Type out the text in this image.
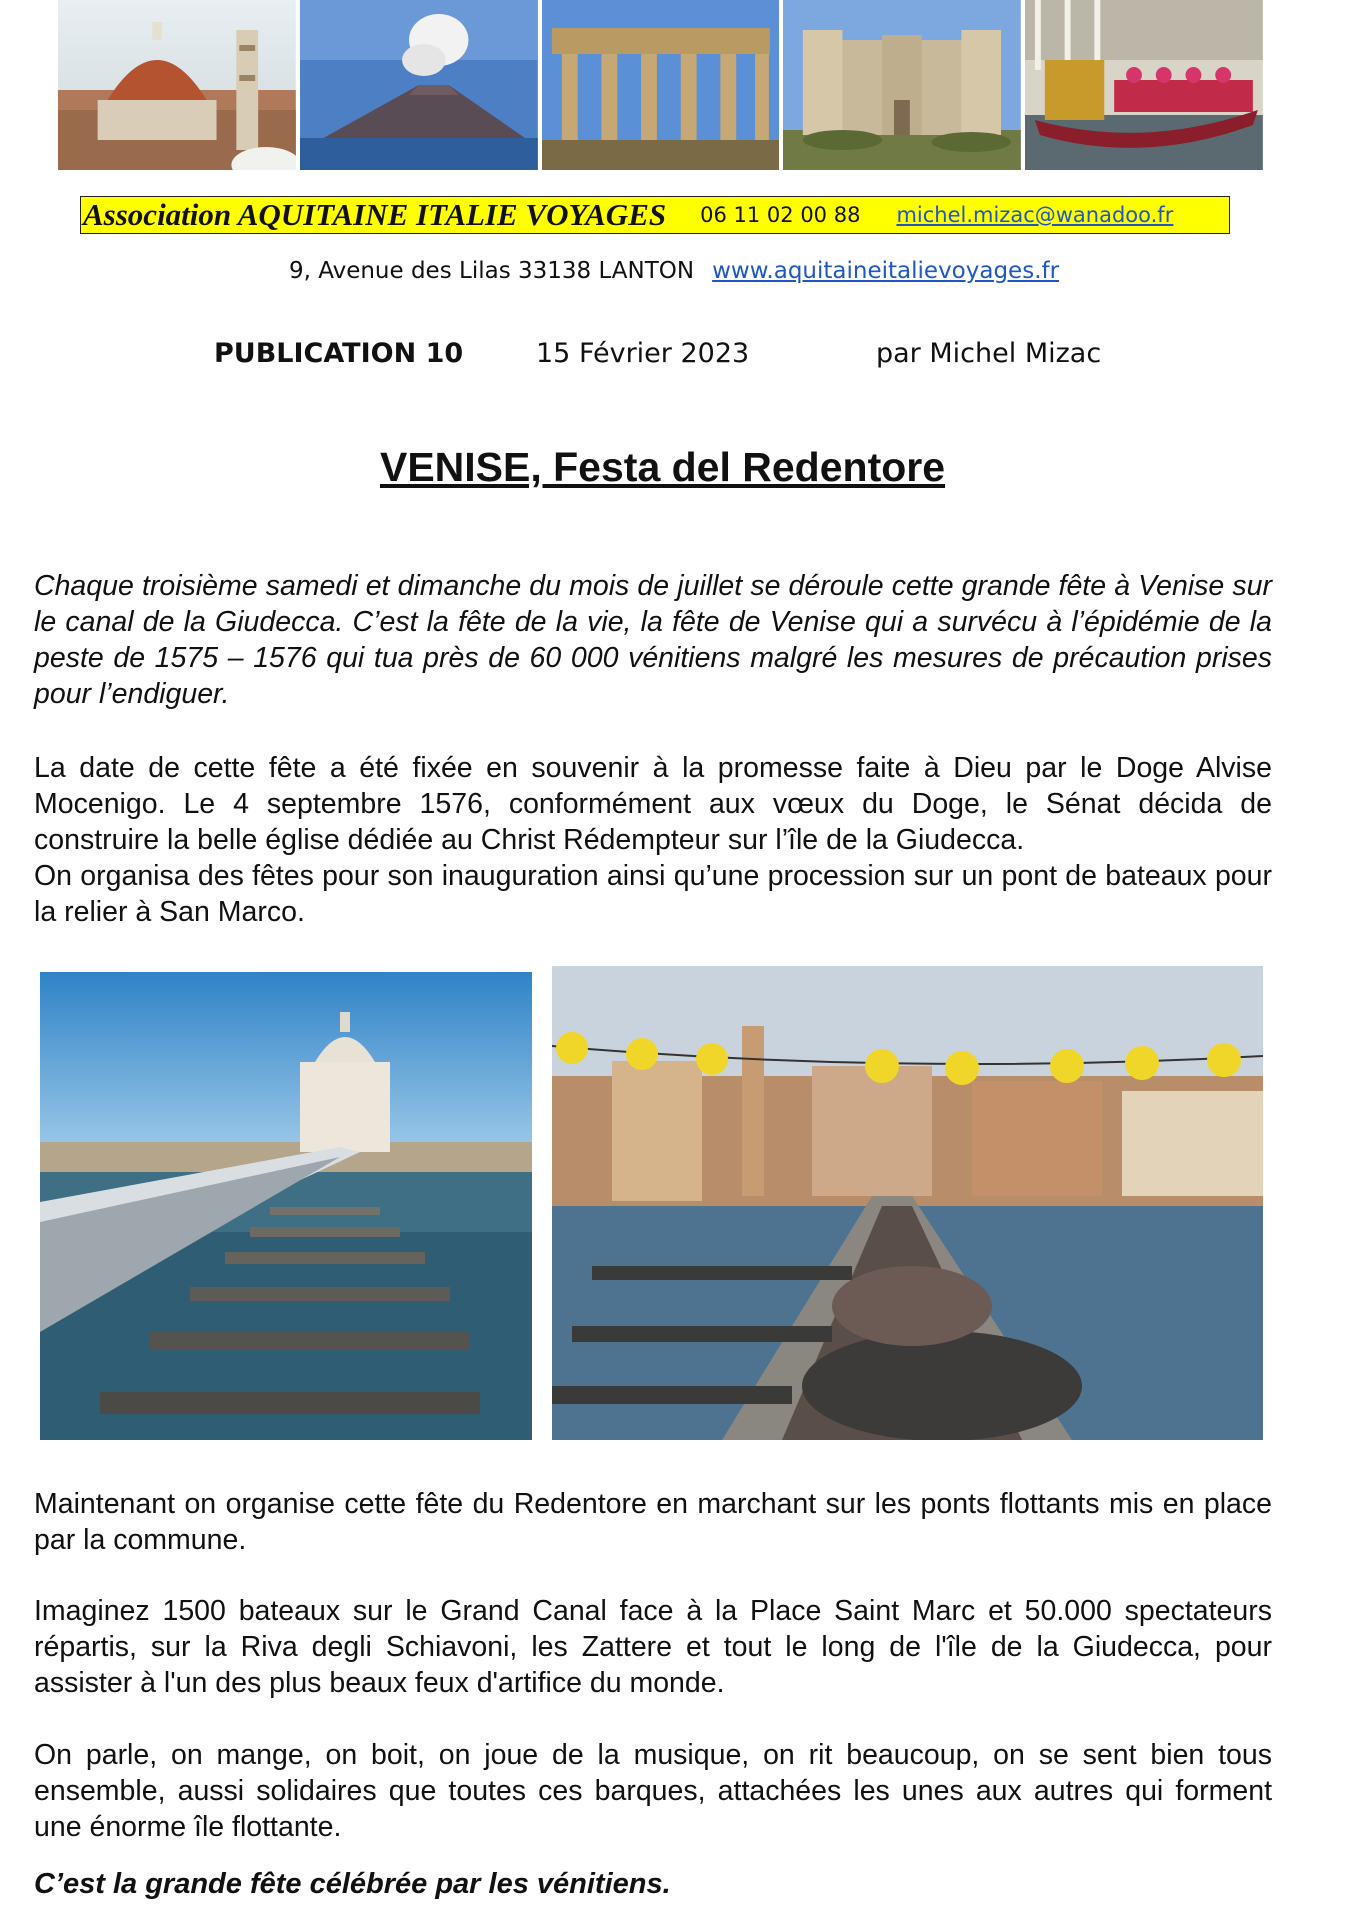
Association AQUITAINE ITALIE VOYAGES 06 11 02 00 88 michel.mizac@wanadoo.fr
9, Avenue des Lilas 33138 LANTON www.aquitaineitalievoyages.fr
PUBLICATION 10	15 Février 2023	par Michel Mizac
VENISE, Festa del Redentore
Chaque troisième samedi et dimanche du mois de juillet se déroule cette grande fête à Venise sur le canal de la Giudecca. C’est la fête de la vie, la fête de Venise qui a survécu à l’épidémie de la peste de 1575 – 1576 qui tua près de 60 000 vénitiens malgré les mesures de précaution prises pour l’endiguer.
La date de cette fête a été fixée en souvenir à la promesse faite à Dieu par le Doge Alvise Mocenigo. Le 4 septembre 1576, conformément aux vœux du Doge, le Sénat décida de construire la belle église dédiée au Christ Rédempteur sur l’île de la Giudecca.
On organisa des fêtes pour son inauguration ainsi qu’une procession sur un pont de bateaux pour la relier à San Marco.
Maintenant on organise cette fête du Redentore en marchant sur les ponts flottants mis en place par la commune.
Imaginez 1500 bateaux sur le Grand Canal face à la Place Saint Marc et 50.000 spectateurs répartis, sur la Riva degli Schiavoni, les Zattere et tout le long de l'île de la Giudecca, pour assister à l'un des plus beaux feux d'artifice du monde.
On parle, on mange, on boit, on joue de la musique, on rit beaucoup, on se sent bien tous ensemble, aussi solidaires que toutes ces barques, attachées les unes aux autres qui forment une énorme île flottante.
C’est la grande fête célébrée par les vénitiens.
